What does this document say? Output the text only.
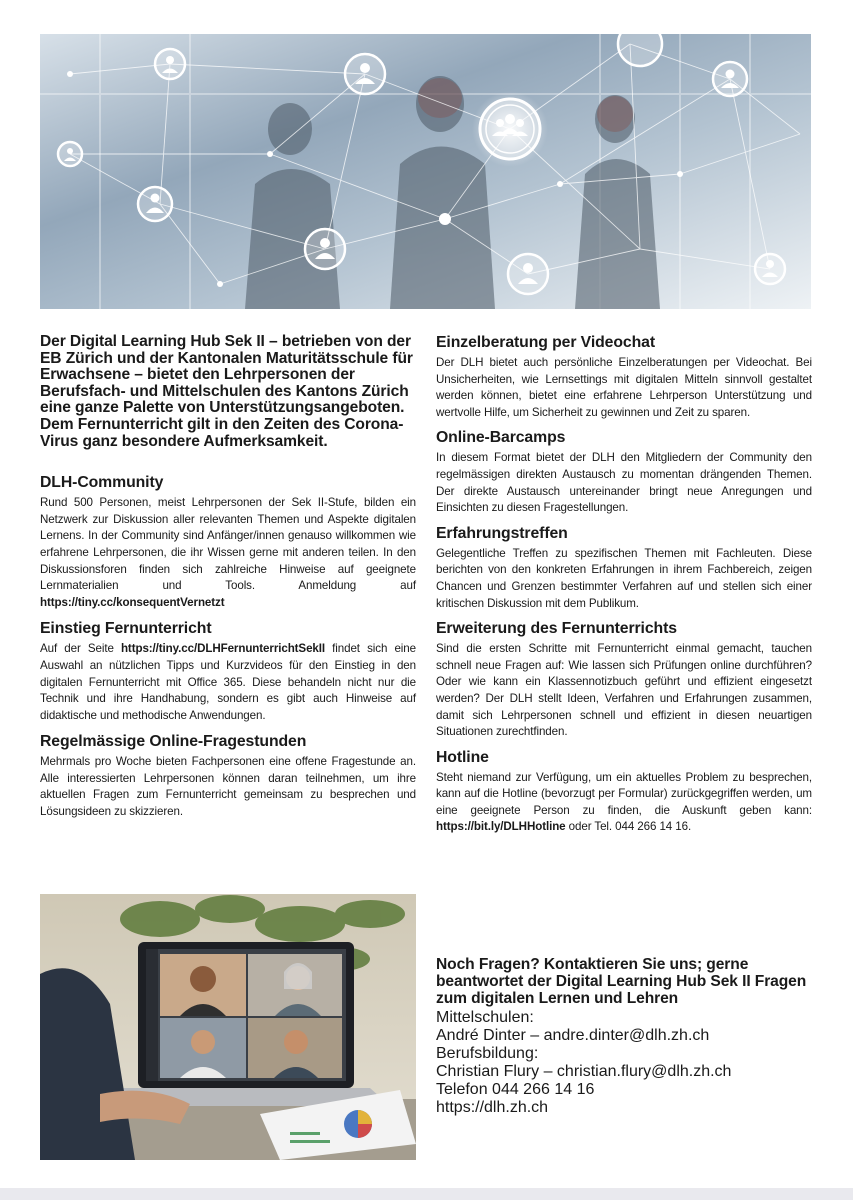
Der Digital Learning Hub Sek II – betrieben von der EB Zürich und der Kantonalen Maturitätsschule für Erwachsene – bietet den Lehrpersonen der Berufsfach- und Mittelschulen des Kantons Zürich eine ganze Palette von Unterstützungsangeboten. Dem Fernunterricht gilt in den Zeiten des Corona-Virus ganz besondere Aufmerksamkeit.

DLH-Community

Rund 500 Personen, meist Lehrpersonen der Sek II-Stufe, bilden ein Netzwerk zur Diskussion aller relevanten Themen und Aspekte digitalen Lernens. In der Community sind Anfänger/innen genauso willkommen wie erfahrene Lehrpersonen, die ihr Wissen gerne mit anderen teilen. In den Diskussionsforen finden sich zahlreiche Hinweise auf geeignete Lernmaterialien und Tools. Anmeldung auf https://tiny.cc/konsequentVernetzt

Einstieg Fernunterricht

Auf der Seite https://tiny.cc/DLHFernunterrichtSekII findet sich eine Auswahl an nützlichen Tipps und Kurzvideos für den Einstieg in den digitalen Fernunterricht mit Office 365. Diese behandeln nicht nur die Technik und ihre Handhabung, sondern es gibt auch Hinweise auf didaktische und methodische Anwendungen.

Regelmässige Online-Fragestunden

Mehrmals pro Woche bieten Fachpersonen eine offene Fragestunde an. Alle interessierten Lehrpersonen können daran teilnehmen, um ihre aktuellen Fragen zum Fernunterricht gemeinsam zu besprechen und Lösungsideen zu skizzieren.

Einzelberatung per Videochat

Der DLH bietet auch persönliche Einzelberatungen per Videochat. Bei Unsicherheiten, wie Lernsettings mit digitalen Mitteln sinnvoll gestaltet werden können, bietet eine erfahrene Lehrperson Unterstützung und wertvolle Hilfe, um Sicherheit zu gewinnen und Zeit zu sparen.

Online-Barcamps

In diesem Format bietet der DLH den Mitgliedern der Community den regelmässigen direkten Austausch zu momentan drängenden Themen. Der direkte Austausch untereinander bringt neue Anregungen und Einsichten zu diesen Fragestellungen.

Erfahrungstreffen

Gelegentliche Treffen zu spezifischen Themen mit Fachleuten. Diese berichten von den konkreten Erfahrungen in ihrem Fachbereich, zeigen Chancen und Grenzen bestimmter Verfahren auf und stellen sich einer kritischen Diskussion mit dem Publikum.

Erweiterung des Fernunterrichts

Sind die ersten Schritte mit Fernunterricht einmal gemacht, tauchen schnell neue Fragen auf: Wie lassen sich Prüfungen online durchführen? Oder wie kann ein Klassennotizbuch geführt und effizient eingesetzt werden? Der DLH stellt Ideen, Verfahren und Erfahrungen zusammen, damit sich Lehrpersonen schnell und effizient in diesen neuartigen Situationen zurechtfinden.

Hotline

Steht niemand zur Verfügung, um ein aktuelles Problem zu besprechen, kann auf die Hotline (bevorzugt per Formular) zurückgegriffen werden, um eine geeignete Person zu finden, die Auskunft geben kann: https://bit.ly/DLHHotline oder Tel. 044 266 14 16.

Noch Fragen? Kontaktieren Sie uns; gerne beantwortet der Digital Learning Hub Sek II Fragen zum digitalen Lernen und Lehren

Mittelschulen:

André Dinter – andre.dinter@dlh.zh.ch

Berufsbildung:

Christian Flury – christian.flury@dlh.zh.ch

Telefon 044 266 14 16

https://dlh.zh.ch
